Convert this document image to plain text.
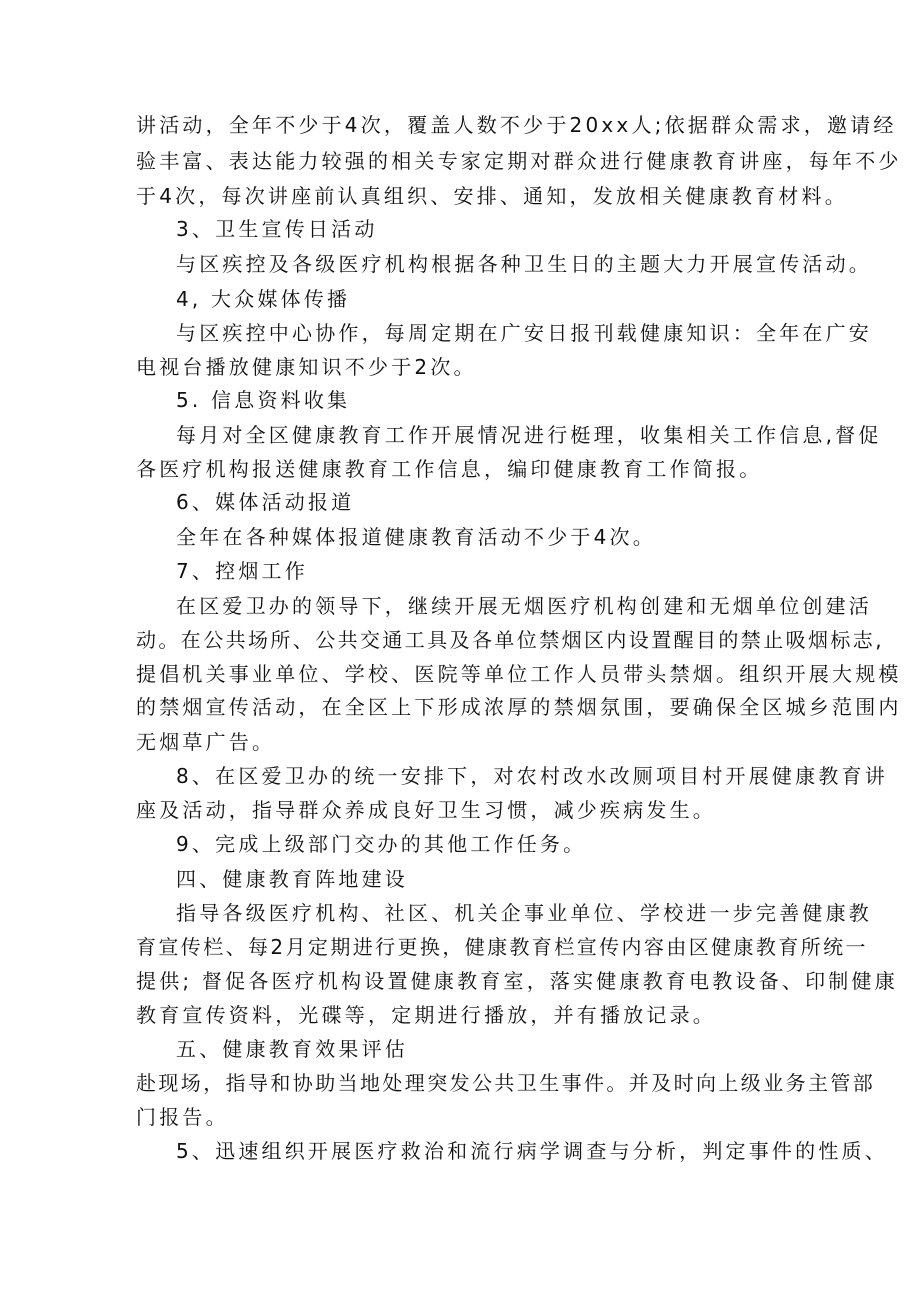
讲活动，全年不少于4次，覆盖人数不少于20xx人;依据群众需求，邀请经
验丰富、表达能力较强的相关专家定期对群众进行健康教育讲座，每年不少
于4次，每次讲座前认真组织、安排、通知，发放相关健康教育材料。
3、卫生宣传日活动
与区疾控及各级医疗机构根据各种卫生日的主题大力开展宣传活动。
4, 大众媒体传播
与区疾控中心协作，每周定期在广安日报刊载健康知识：全年在广安
电视台播放健康知识不少于2次。
5. 信息资料收集
每月对全区健康教育工作开展情况进行梃理，收集相关工作信息,督促
各医疗机构报送健康教育工作信息，编印健康教育工作简报。
6、媒体活动报道
全年在各种媒体报道健康教育活动不少于4次。
7、控烟工作
在区爱卫办的领导下，继续开展无烟医疗机构创建和无烟单位创建活
动。在公共场所、公共交通工具及各单位禁烟区内设置醒目的禁止吸烟标志,
提倡机关事业单位、学校、医院等单位工作人员带头禁烟。组织开展大规模
的禁烟宣传活动，在全区上下形成浓厚的禁烟氛围，要确保全区城乡范围内
无烟草广告。
8、在区爱卫办的统一安排下，对农村改水改厕项目村开展健康教育讲
座及活动，指导群众养成良好卫生习惯，减少疾病发生。
9、完成上级部门交办的其他工作任务。
四、健康教育阵地建设
指导各级医疗机构、社区、机关企事业单位、学校进一步完善健康教
育宣传栏、每2月定期进行更换，健康教育栏宣传内容由区健康教育所统一
提供; 督促各医疗机构设置健康教育室，落实健康教育电教设备、印制健康
教育宣传资料，光碟等，定期进行播放，并有播放记录。
五、健康教育效果评估
赴现场，指导和协助当地处理突发公共卫生事件。并及时向上级业务主管部
门报告。
5、迅速组织开展医疗救治和流行病学调查与分析，判定事件的性质、
